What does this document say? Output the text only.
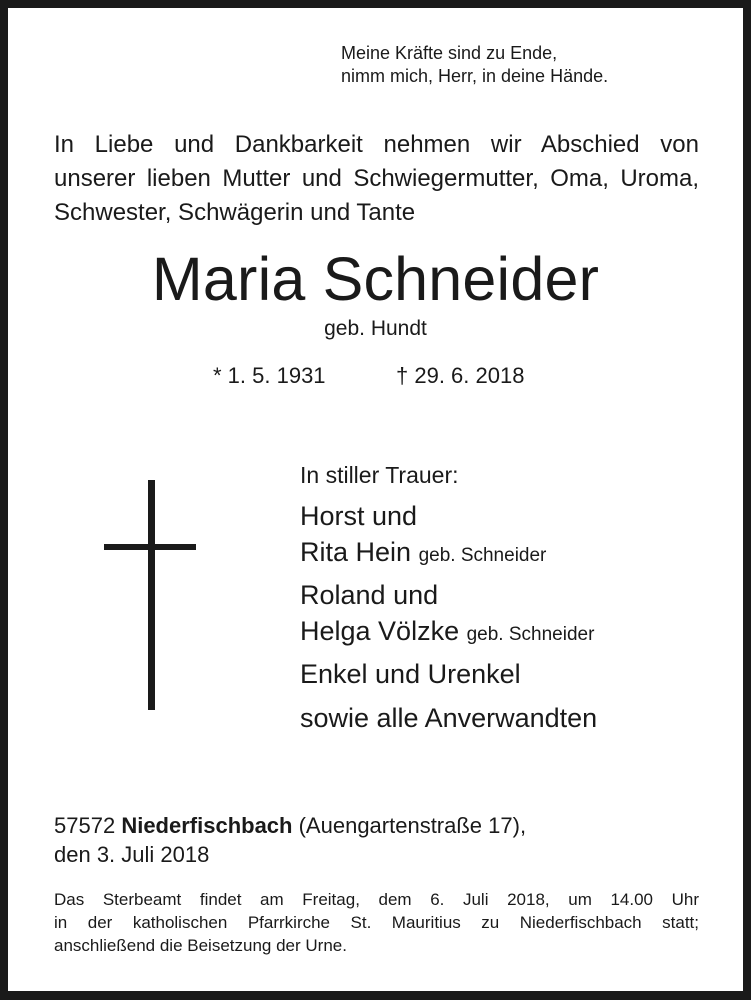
Meine Kräfte sind zu Ende,
nimm mich, Herr, in deine Hände.
In Liebe und Dankbarkeit nehmen wir Abschied von
unserer lieben Mutter und Schwiegermutter, Oma, Uroma,
Schwester, Schwägerin und Tante
Maria Schneider
geb. Hundt
* 1. 5. 1931	† 29. 6. 2018
In stiller Trauer:
Horst und
Rita Hein geb. Schneider
Roland und
Helga Völzke geb. Schneider
Enkel und Urenkel
sowie alle Anverwandten
57572 Niederfischbach (Auengartenstraße 17),
den 3. Juli 2018
Das Sterbeamt findet am Freitag, dem 6. Juli 2018, um 14.00 Uhr
in der katholischen Pfarrkirche St. Mauritius zu Niederfischbach statt;
anschließend die Beisetzung der Urne.
